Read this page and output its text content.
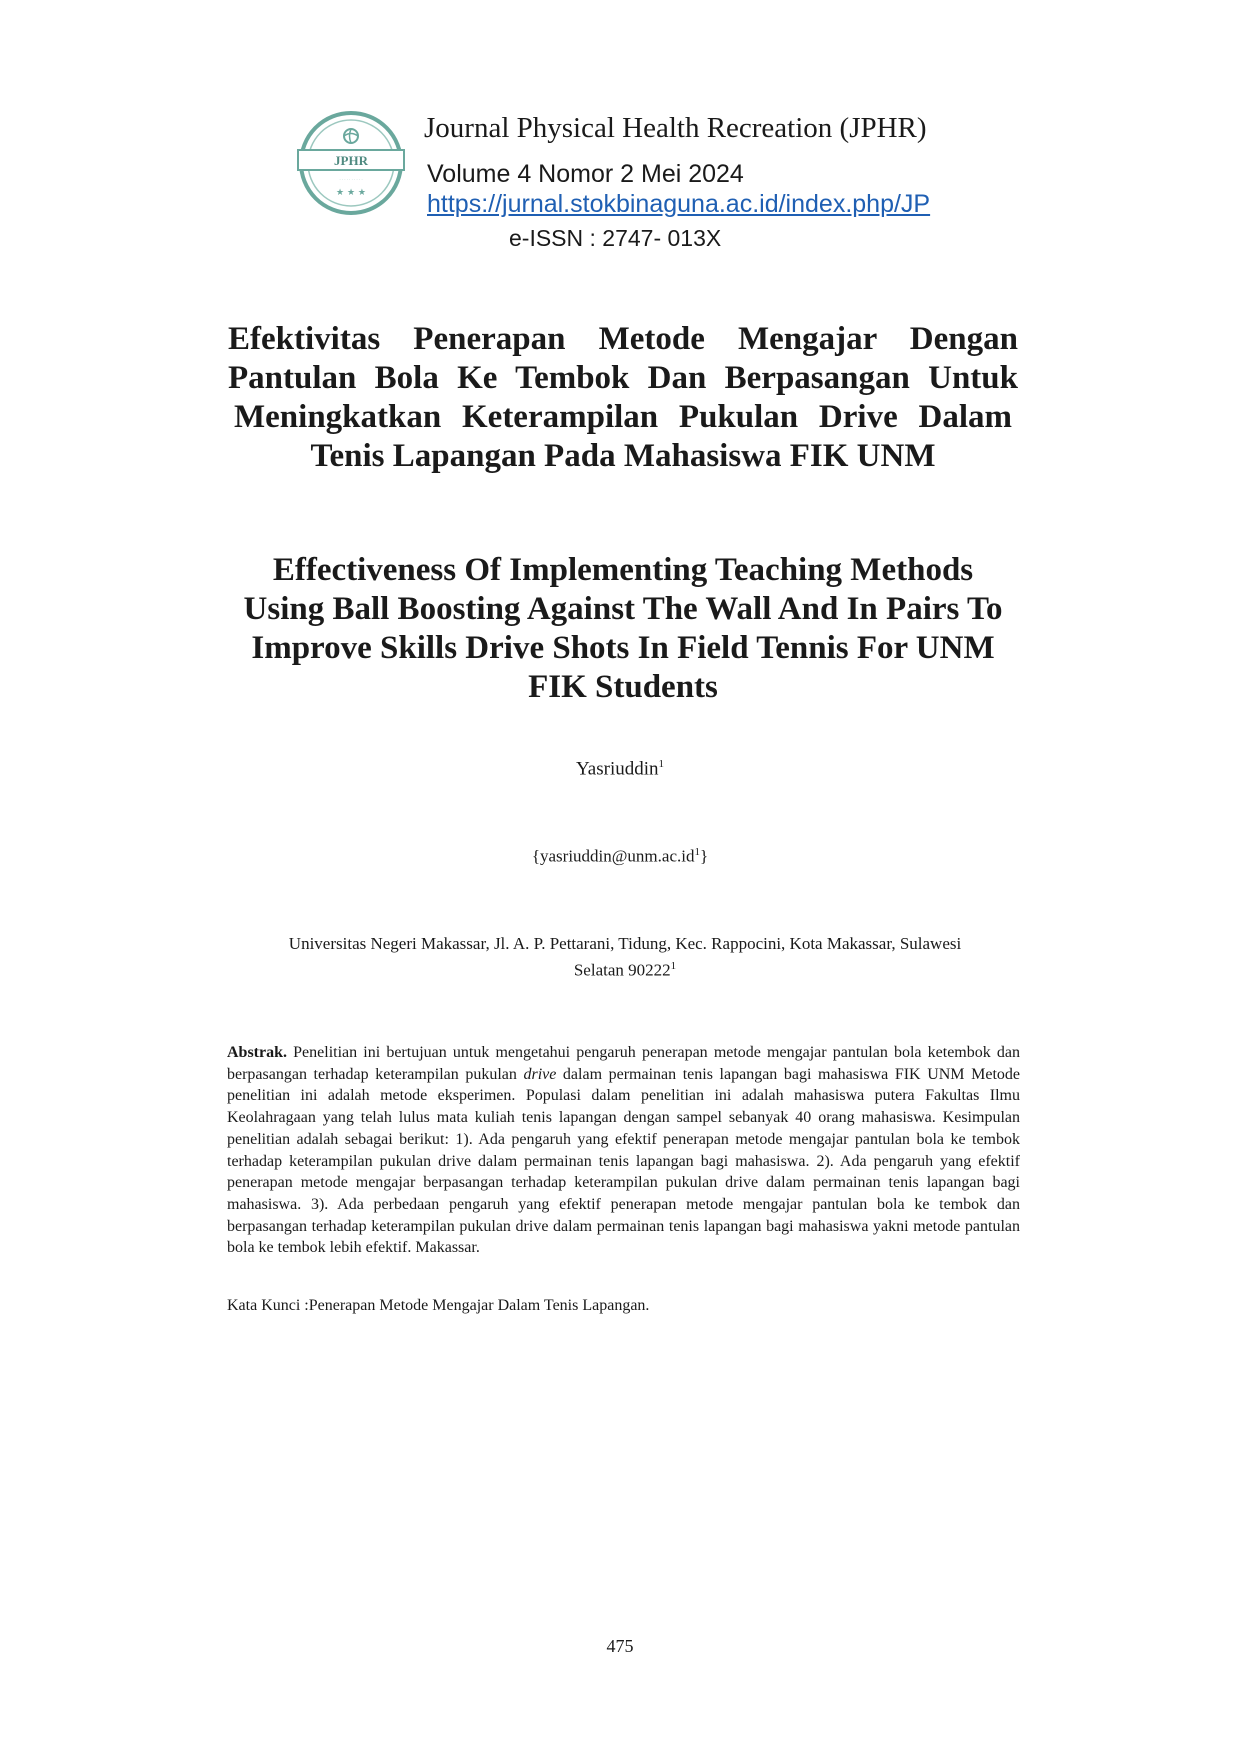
JPHR
· · · · · · · · · ·
★ ★ ★
Journal Physical Health Recreation (JPHR)
Volume 4 Nomor 2 Mei 2024
https://jurnal.stokbinaguna.ac.id/index.php/JP
e-ISSN : 2747- 013X
Efektivitas Penerapan Metode Mengajar Dengan
Pantulan Bola Ke Tembok Dan Berpasangan Untuk
Meningkatkan Keterampilan Pukulan Drive Dalam
Tenis Lapangan Pada Mahasiswa FIK UNM
Effectiveness Of Implementing Teaching Methods
Using Ball Boosting Against The Wall And In Pairs To
Improve Skills Drive Shots In Field Tennis For UNM
FIK Students
Yasriuddin$^1$
$\{yasriuddin@unm.ac.id^1\}$
Universitas Negeri Makassar, Jl. A. P. Pettarani, Tidung, Kec. Rappocini, Kota Makassar, Sulawesi
Selatan 90222$^1$
Abstrak. Penelitian ini bertujuan untuk mengetahui pengaruh penerapan metode mengajar pantulan bola ketembok dan berpasangan terhadap keterampilan pukulan drive dalam permainan tenis lapangan bagi mahasiswa FIK UNM Metode penelitian ini adalah metode eksperimen. Populasi dalam penelitian ini adalah mahasiswa putera Fakultas Ilmu Keolahragaan yang telah lulus mata kuliah tenis lapangan dengan sampel sebanyak 40 orang mahasiswa. Kesimpulan penelitian adalah sebagai berikut: 1). Ada pengaruh yang efektif penerapan metode mengajar pantulan bola ke tembok terhadap keterampilan pukulan drive dalam permainan tenis lapangan bagi mahasiswa. 2). Ada pengaruh yang efektif penerapan metode mengajar berpasangan terhadap keterampilan pukulan drive dalam permainan tenis lapangan bagi mahasiswa. 3). Ada perbedaan pengaruh yang efektif penerapan metode mengajar pantulan bola ke tembok dan berpasangan terhadap keterampilan pukulan drive dalam permainan tenis lapangan bagi mahasiswa yakni metode pantulan bola ke tembok lebih efektif. Makassar.
Kata Kunci :Penerapan Metode Mengajar Dalam Tenis Lapangan.
475
